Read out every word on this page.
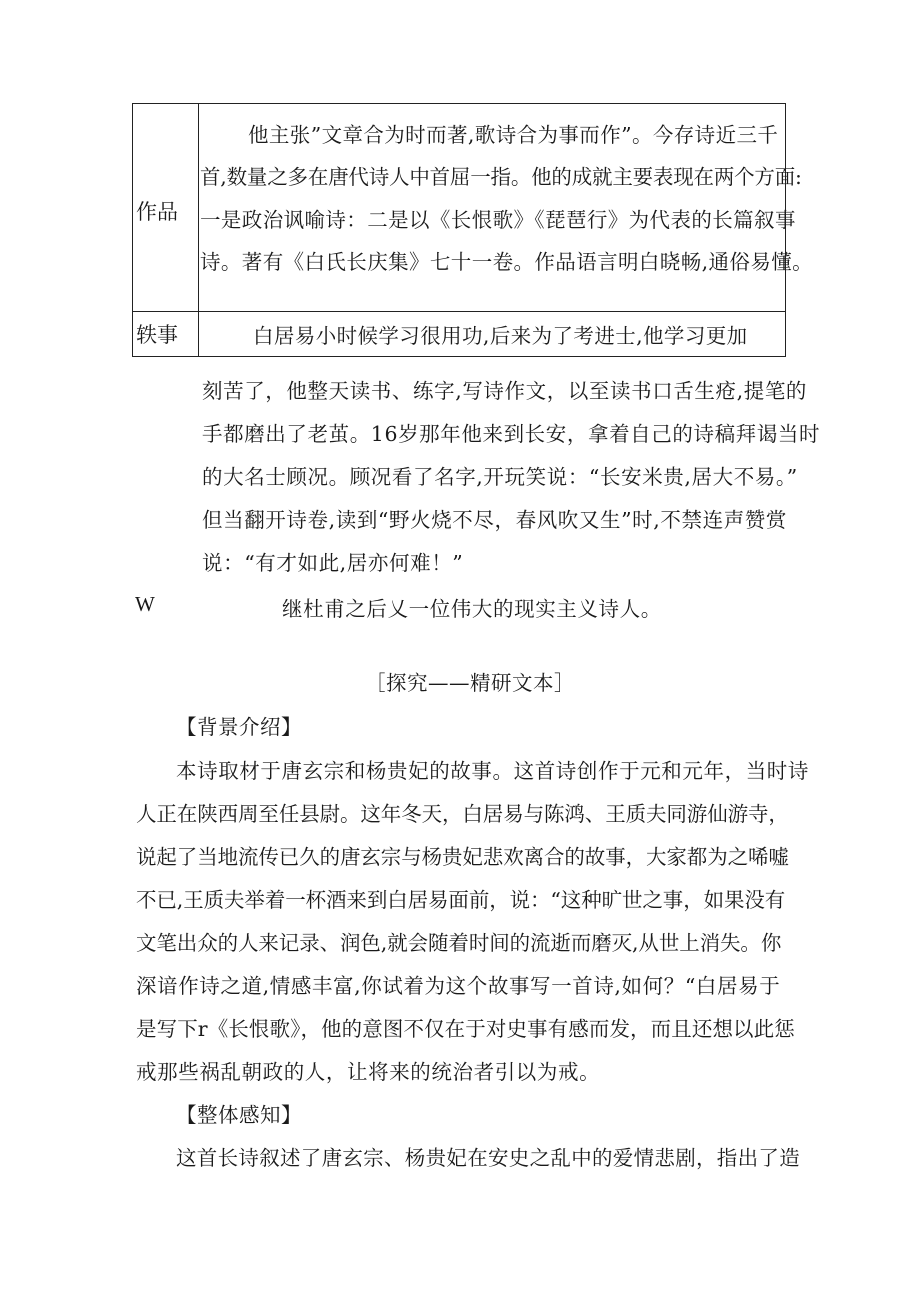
作品
他主张”文章合为时而著,歌诗合为事而作”。今存诗近三千
首,数量之多在唐代诗人中首屈一指。他的成就主要表现在两个方面:
一是政治讽喻诗：二是以《长恨歌》《琵琶行》为代表的长篇叙事
诗。著有《白氏长庆集》七十一卷。作品语言明白晓畅,通俗易懂。
轶事	白居易小时候学习很用功,后来为了考进士,他学习更加
刻苦了，他整天读书、练字,写诗作文，以至读书口舌生疮,提笔的
手都磨出了老茧。16岁那年他来到长安，拿着自己的诗稿拜谒当时
的大名士顾况。顾况看了名字,开玩笑说：“长安米贵,居大不易。”
但当翻开诗卷,读到“野火烧不尽，春风吹又生”时,不禁连声赞赏
说：“有才如此,居亦何难！”
W	继杜甫之后乂一位伟大的现实主义诗人。
［探究——精研文本］
【背景介绍】
本诗取材于唐玄宗和杨贵妃的故事。这首诗创作于元和元年，当时诗
人正在陕西周至任县尉。这年冬天，白居易与陈鸿、王质夫同游仙游寺，
说起了当地流传已久的唐玄宗与杨贵妃悲欢离合的故事，大家都为之唏嘘
不已,王质夫举着一杯酒来到白居易面前，说：“这种旷世之事，如果没有
文笔出众的人来记录、润色,就会随着时间的流逝而磨灭,从世上消失。你
深谙作诗之道,情感丰富,你试着为这个故事写一首诗,如何？“白居易于
是写下r《长恨歌》，他的意图不仅在于对史事有感而发，而且还想以此惩
戒那些祸乱朝政的人，让将来的统治者引以为戒。
【整体感知】
这首长诗叙述了唐玄宗、杨贵妃在安史之乱中的爱情悲剧，指出了造
